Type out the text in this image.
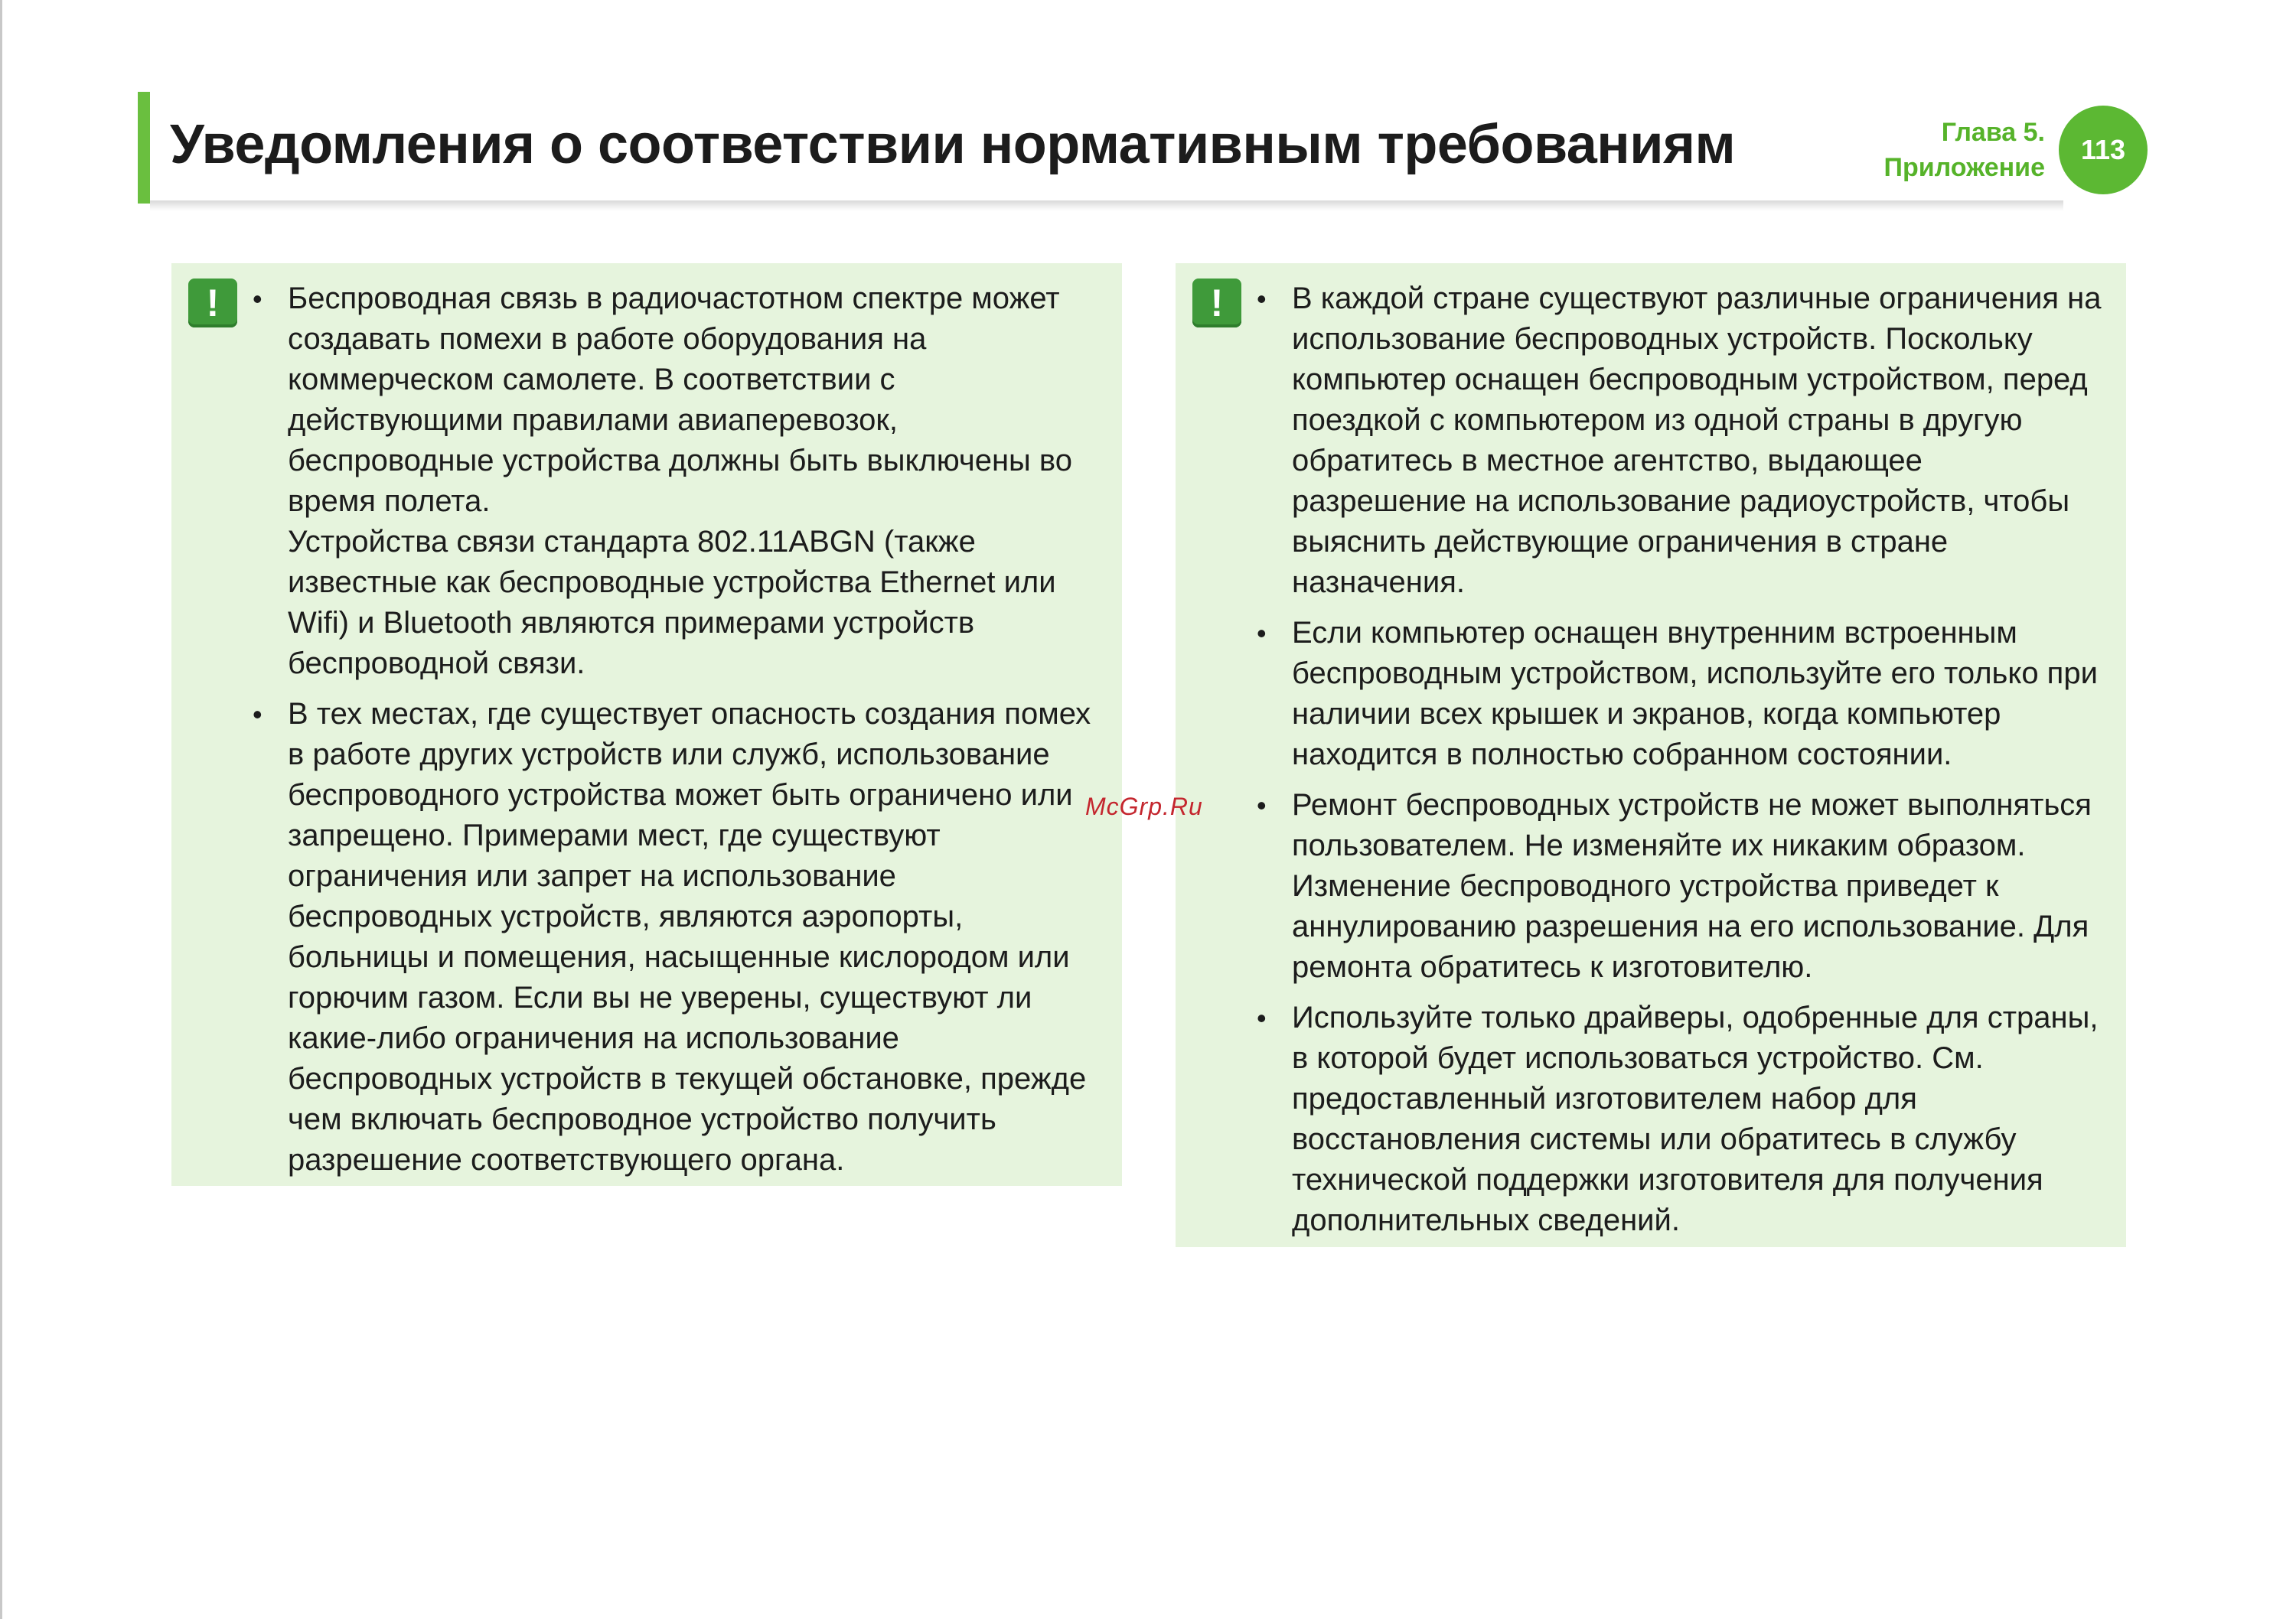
Уведомления о соответствии нормативным требованиям	Глава 5.
Приложение
113
!	• Беспроводная связь в радиочастотном спектре может создавать помехи в работе оборудования на коммерческом самолете. В соответствии с действующими правилами авиаперевозок, беспроводные устройства должны быть выключены во время полета.

Устройства связи стандарта 802.11ABGN (также известные как беспроводные устройства Ethernet или Wifi) и Bluetooth являются примерами устройств беспроводной связи.

• В тех местах, где существует опасность создания помех в работе других устройств или служб, использование беспроводного устройства может быть ограничено или запрещено. Примерами мест, где существуют ограничения или запрет на использование беспроводных устройств, являются аэропорты, больницы и помещения, насыщенные кислородом или горючим газом. Если вы не уверены, существуют ли какие-либо ограничения на использование беспроводных устройств в текущей обстановке, прежде чем включать беспроводное устройство получить разрешение соответствующего органа.

!	• В каждой стране существуют различные ограничения на использование беспроводных устройств. Поскольку компьютер оснащен беспроводным устройством, перед поездкой с компьютером из одной страны в другую обратитесь в местное агентство, выдающее разрешение на использование радиоустройств, чтобы выяснить действующие ограничения в стране назначения.

• Если компьютер оснащен внутренним встроенным беспроводным устройством, используйте его только при наличии всех крышек и экранов, когда компьютер находится в полностью собранном состоянии.

• Ремонт беспроводных устройств не может выполняться пользователем. Не изменяйте их никаким образом. Изменение беспроводного устройства приведет к аннулированию разрешения на его использование. Для ремонта обратитесь к изготовителю.

• Используйте только драйверы, одобренные для страны, в которой будет использоваться устройство. См. предоставленный изготовителем набор для восстановления системы или обратитесь в службу технической поддержки изготовителя для получения дополнительных сведений.

McGrp.Ru
